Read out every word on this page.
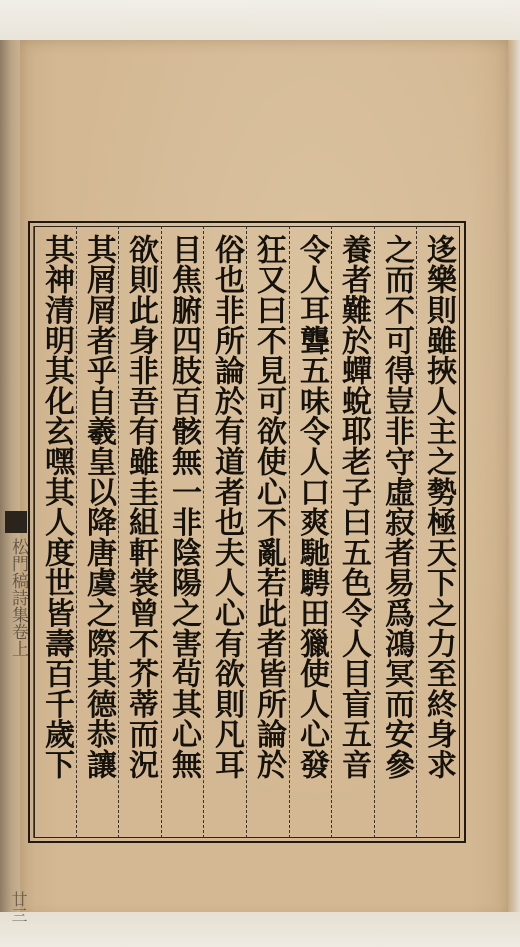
松門稿詩集卷上
廿三
迻樂則雖挾人主之勢極天下之力至終身求
之而不可得豈非守虛寂者易爲鴻冥而安參
養者難於蟬蛻耶老子曰五色令人目盲五音
令人耳聾五味令人口爽馳騁田獵使人心發
狂又曰不見可欲使心不亂若此者皆所論於
俗也非所論於有道者也夫人心有欲則凡耳
目焦腑四肢百骸無一非陰陽之害茍其心無
欲則此身非吾有雖圭組軒裳曾不芥蒂而況
其屑屑者乎自羲皇以降唐虞之際其德恭讓
其神清明其化玄嘿其人度世皆壽百千歲下
